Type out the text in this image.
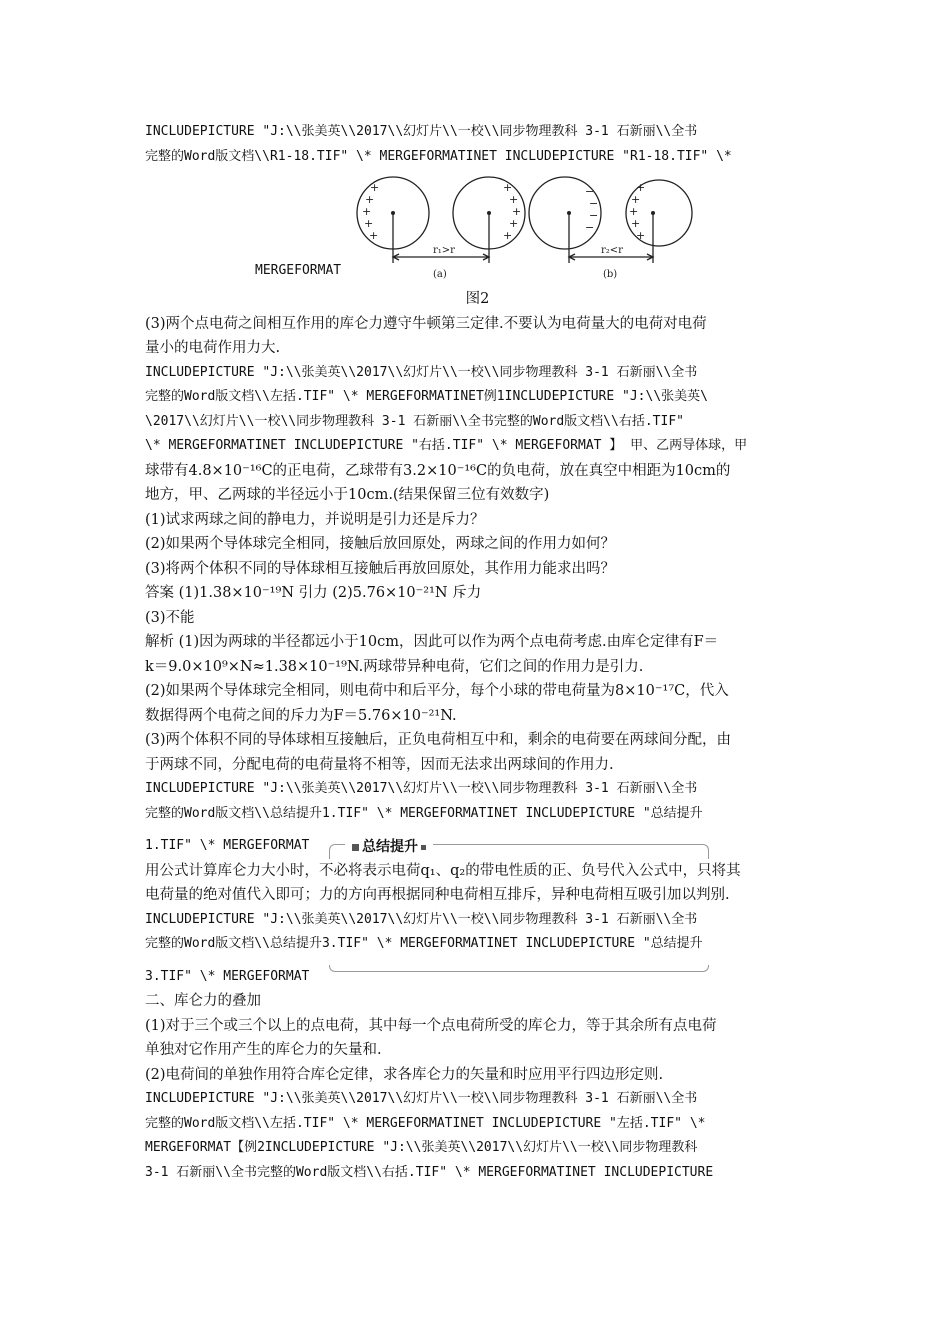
INCLUDEPICTURE "J:\\张美英\\2017\\幻灯片\\一校\\同步物理教科 3-1 石新丽\\全书
完整的Word版文档\\R1-18.TIF" \* MERGEFORMATINET INCLUDEPICTURE "R1-18.TIF" \*
MERGEFORMAT
+
+
+
+
+
+
+
+
+
+
−
−
−
−
+
+
+
+
+
r₁>r	r₂<r
(a)	(b)
图2
(3)两个点电荷之间相互作用的库仑力遵守牛顿第三定律.不要认为电荷量大的电荷对电荷
量小的电荷作用力大.
INCLUDEPICTURE "J:\\张美英\\2017\\幻灯片\\一校\\同步物理教科 3-1 石新丽\\全书
完整的Word版文档\\左括.TIF" \* MERGEFORMATINET例1INCLUDEPICTURE "J:\\张美英\
\2017\\幻灯片\\一校\\同步物理教科 3-1 石新丽\\全书完整的Word版文档\\右括.TIF"
\* MERGEFORMATINET INCLUDEPICTURE "右括.TIF" \* MERGEFORMAT 】 甲、乙两导体球，甲
球带有4.8×10⁻¹⁶C的正电荷，乙球带有3.2×10⁻¹⁶C的负电荷，放在真空中相距为10cm的
地方，甲、乙两球的半径远小于10cm.(结果保留三位有效数字)
(1)试求两球之间的静电力，并说明是引力还是斥力？
(2)如果两个导体球完全相同，接触后放回原处，两球之间的作用力如何？
(3)将两个体积不同的导体球相互接触后再放回原处，其作用力能求出吗？
答案 (1)1.38×10⁻¹⁹N 引力 (2)5.76×10⁻²¹N 斥力
(3)不能
解析 (1)因为两球的半径都远小于10cm，因此可以作为两个点电荷考虑.由库仑定律有F＝
k＝9.0×10⁹×N≈1.38×10⁻¹⁹N.两球带异种电荷，它们之间的作用力是引力.
(2)如果两个导体球完全相同，则电荷中和后平分，每个小球的带电荷量为8×10⁻¹⁷C，代入
数据得两个电荷之间的斥力为F＝5.76×10⁻²¹N.
(3)两个体积不同的导体球相互接触后，正负电荷相互中和，剩余的电荷要在两球间分配，由
于两球不同，分配电荷的电荷量将不相等，因而无法求出两球间的作用力.
INCLUDEPICTURE "J:\\张美英\\2017\\幻灯片\\一校\\同步物理教科 3-1 石新丽\\全书
完整的Word版文档\\总结提升1.TIF" \* MERGEFORMATINET INCLUDEPICTURE "总结提升
1.TIF" \* MERGEFORMAT	总结提升
用公式计算库仑力大小时，不必将表示电荷q₁、q₂的带电性质的正、负号代入公式中，只将其
电荷量的绝对值代入即可；力的方向再根据同种电荷相互排斥，异种电荷相互吸引加以判别.
INCLUDEPICTURE "J:\\张美英\\2017\\幻灯片\\一校\\同步物理教科 3-1 石新丽\\全书
完整的Word版文档\\总结提升3.TIF" \* MERGEFORMATINET INCLUDEPICTURE "总结提升
3.TIF" \* MERGEFORMAT
二、库仑力的叠加
(1)对于三个或三个以上的点电荷，其中每一个点电荷所受的库仑力，等于其余所有点电荷
单独对它作用产生的库仑力的矢量和.
(2)电荷间的单独作用符合库仑定律，求各库仑力的矢量和时应用平行四边形定则.
INCLUDEPICTURE "J:\\张美英\\2017\\幻灯片\\一校\\同步物理教科 3-1 石新丽\\全书
完整的Word版文档\\左括.TIF" \* MERGEFORMATINET INCLUDEPICTURE "左括.TIF" \*
MERGEFORMAT【例2INCLUDEPICTURE "J:\\张美英\\2017\\幻灯片\\一校\\同步物理教科
3-1 石新丽\\全书完整的Word版文档\\右括.TIF" \* MERGEFORMATINET INCLUDEPICTURE
